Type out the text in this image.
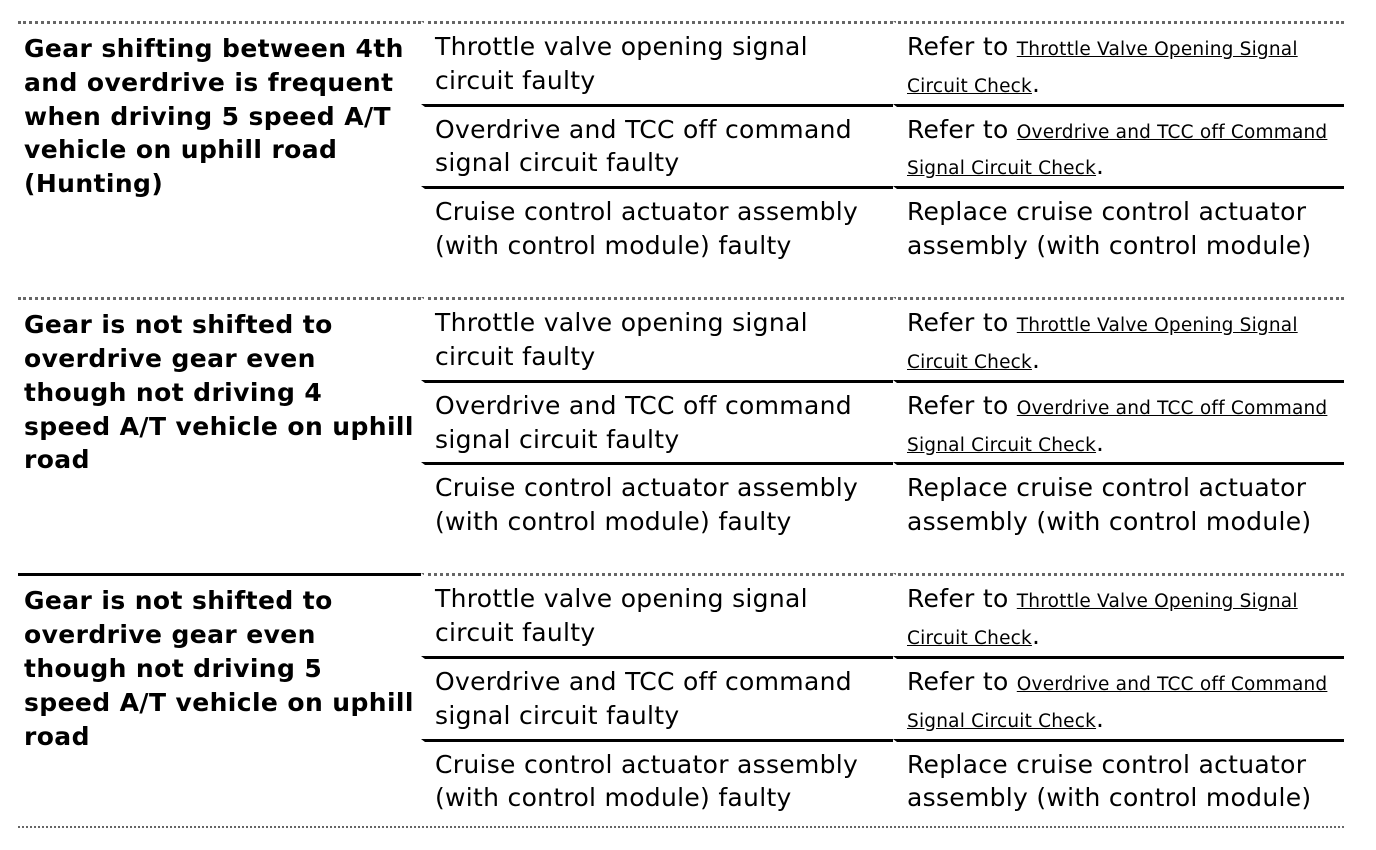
Gear shifting between 4th and overdrive is frequent when driving 5 speed A/T vehicle on uphill road (Hunting)	Throttle valve opening signal circuit faulty	Refer to Throttle Valve Opening Signal Circuit Check.
	Overdrive and TCC off command signal circuit faulty	Refer to Overdrive and TCC off Command Signal Circuit Check.
	Cruise control actuator assembly (with control module) faulty	Replace cruise control actuator assembly (with control module)
Gear is not shifted to overdrive gear even though not driving 4 speed A/T vehicle on uphill road	Throttle valve opening signal circuit faulty	Refer to Throttle Valve Opening Signal Circuit Check.
	Overdrive and TCC off command signal circuit faulty	Refer to Overdrive and TCC off Command Signal Circuit Check.
	Cruise control actuator assembly (with control module) faulty	Replace cruise control actuator assembly (with control module)
Gear is not shifted to overdrive gear even though not driving 5 speed A/T vehicle on uphill road	Throttle valve opening signal circuit faulty	Refer to Throttle Valve Opening Signal Circuit Check.
	Overdrive and TCC off command signal circuit faulty	Refer to Overdrive and TCC off Command Signal Circuit Check.
	Cruise control actuator assembly (with control module) faulty	Replace cruise control actuator assembly (with control module)
